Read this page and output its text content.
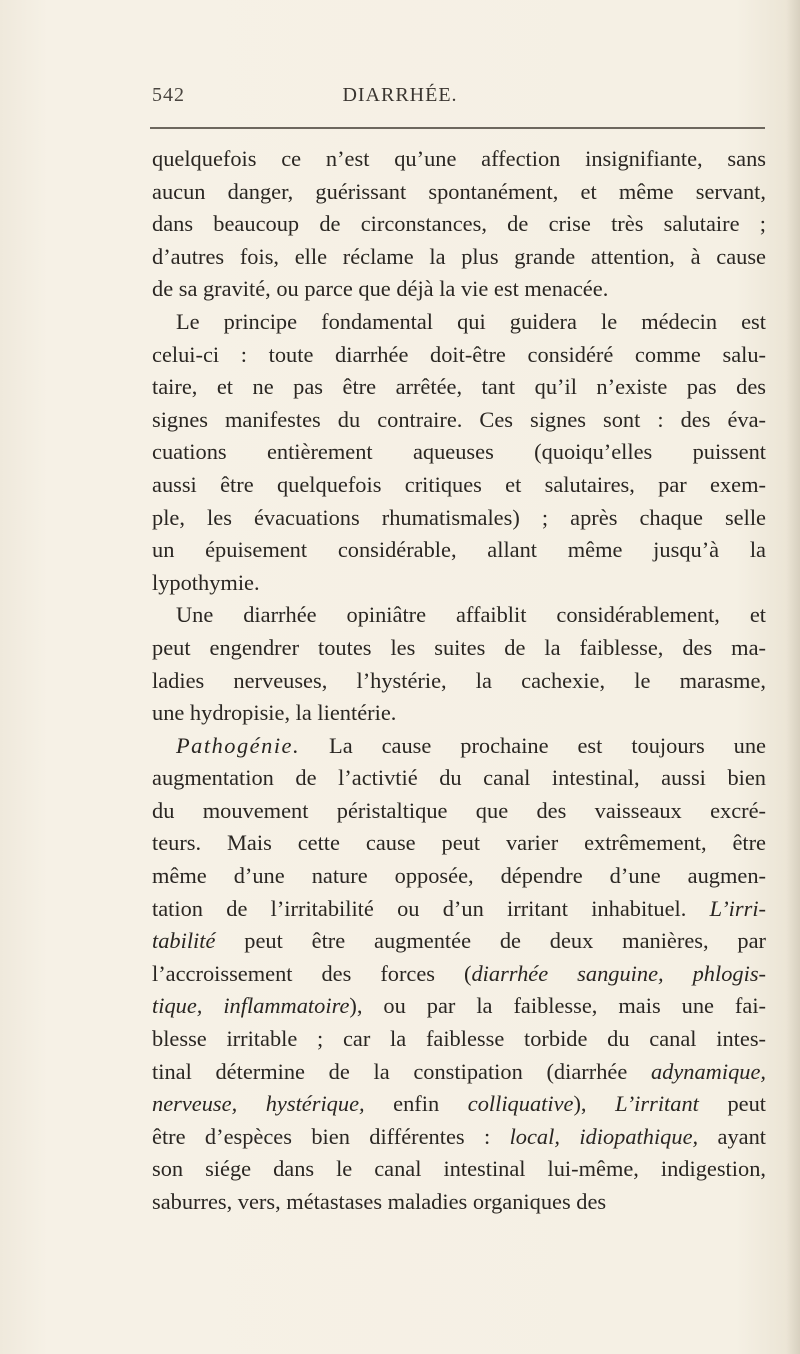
542	DIARRHÉE.
quelquefois ce n’est qu’une affection insignifiante, sans
aucun danger, guérissant spontanément, et même servant,
dans beaucoup de circonstances, de crise très salutaire ;
d’autres fois, elle réclame la plus grande attention, à cause
de sa gravité, ou parce que déjà la vie est menacée.
Le principe fondamental qui guidera le médecin est
celui-ci : toute diarrhée doit-être considéré comme salu-
taire, et ne pas être arrêtée, tant qu’il n’existe pas des
signes manifestes du contraire. Ces signes sont : des éva-
cuations entièrement aqueuses (quoiqu’elles puissent
aussi être quelquefois critiques et salutaires, par exem-
ple, les évacuations rhumatismales) ; après chaque selle
un épuisement considérable, allant même jusqu’à la
lypothymie.
Une diarrhée opiniâtre affaiblit considérablement, et
peut engendrer toutes les suites de la faiblesse, des ma-
ladies nerveuses, l’hystérie, la cachexie, le marasme,
une hydropisie, la lientérie.
Pathogénie. La cause prochaine est toujours une
augmentation de l’activtié du canal intestinal, aussi bien
du mouvement péristaltique que des vaisseaux excré-
teurs. Mais cette cause peut varier extrêmement, être
même d’une nature opposée, dépendre d’une augmen-
tation de l’irritabilité ou d’un irritant inhabituel. L’irri-
tabilité peut être augmentée de deux manières, par
l’accroissement des forces (diarrhée sanguine, phlogis-
tique, inflammatoire), ou par la faiblesse, mais une fai-
blesse irritable ; car la faiblesse torbide du canal intes-
tinal détermine de la constipation (diarrhée adynamique,
nerveuse, hystérique, enfin colliquative), L’irritant peut
être d’espèces bien différentes : local, idiopathique, ayant
son siége dans le canal intestinal lui-même, indigestion,
saburres, vers, métastases maladies organiques des
